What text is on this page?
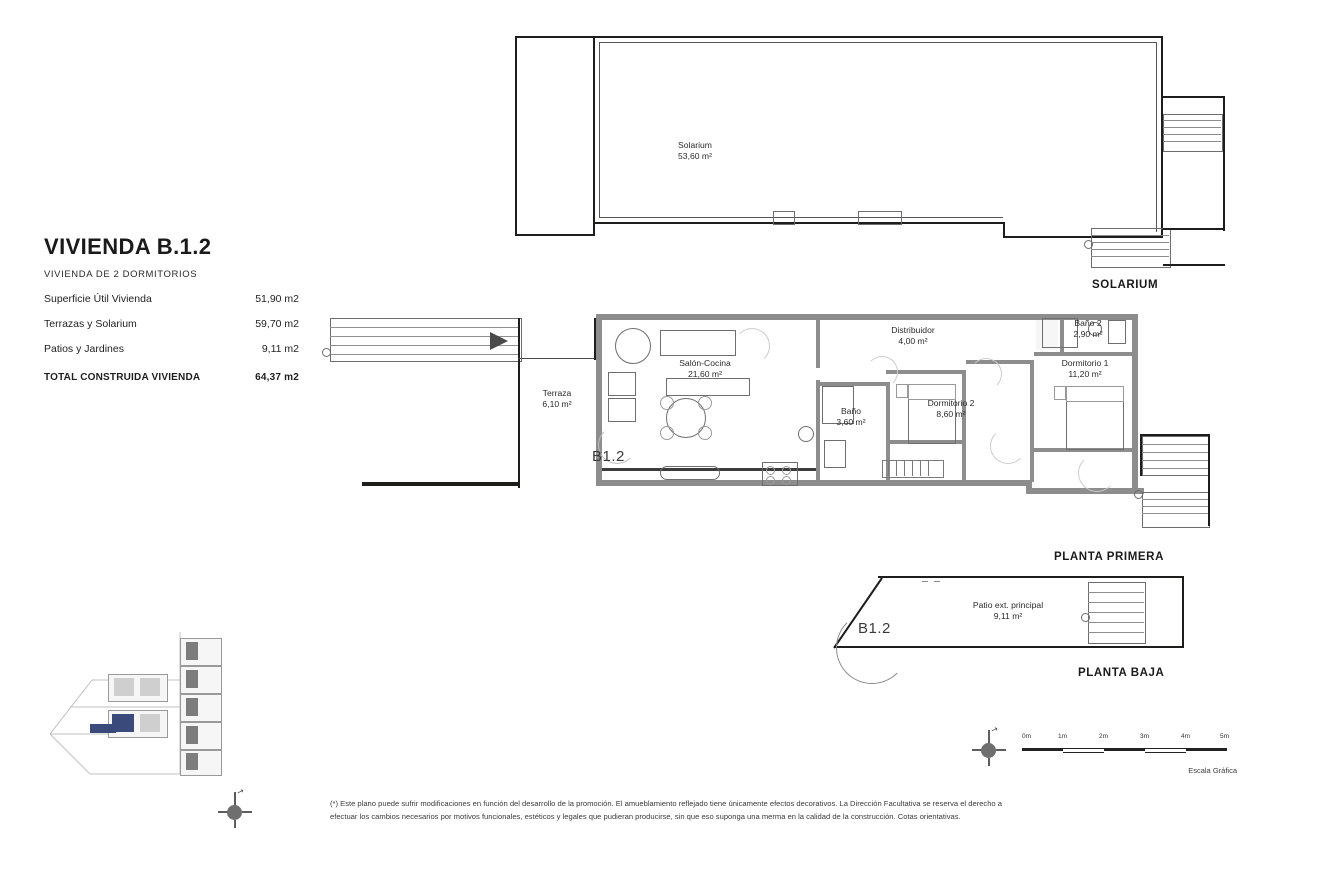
VIVIENDA B.1.2
VIVIENDA DE 2 DORMITORIOS
Superficie Útil Vivienda	51,90 m2
Terrazas y Solarium	59,70 m2
Patios y Jardines	9,11 m2
TOTAL CONSTRUIDA VIVIENDA	64,37 m2
Solarium
53,60 m²
SOLARIUM
B1.2
Terraza
6,10 m²
Salón-Cocina
21,60 m²
Distribuidor
4,00 m²
Baño
3,60 m²
Dormitorio 2
8,60 m²
Baño 2
2,90 m²
Dormitorio 1
11,20 m²
PLANTA PRIMERA
B1.2
Patio ext. principal
9,11 m²
PLANTA BAJA
↗
↗
0m	1m	2m	3m	4m	5m
Escala Gráfica
(*) Este plano puede sufrir modificaciones en función del desarrollo de la promoción. El amueblamiento reflejado tiene únicamente efectos decorativos. La Dirección Facultativa se reserva el derecho a
efectuar los cambios necesarios por motivos funcionales, estéticos y legales que pudieran producirse, sin que eso suponga una merma en la calidad de la construcción. Cotas orientativas.
